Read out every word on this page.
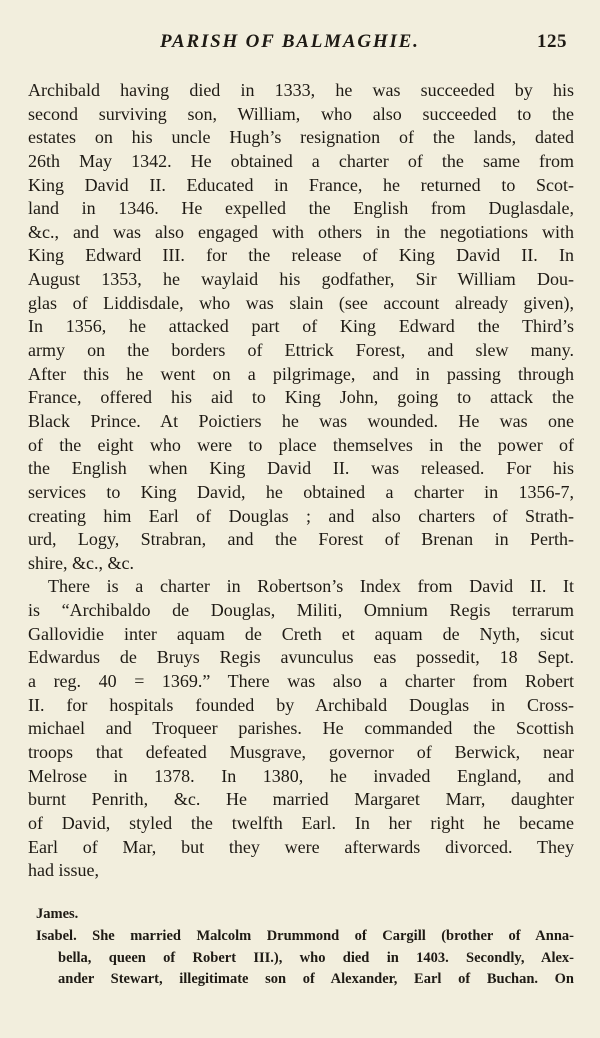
PARISH OF BALMAGHIE.	125
Archibald having died in 1333, he was succeeded by his
second surviving son, William, who also succeeded to the
estates on his uncle Hugh’s resignation of the lands, dated
26th May 1342. He obtained a charter of the same from
King David II. Educated in France, he returned to Scot-
land in 1346. He expelled the English from Duglasdale,
&c., and was also engaged with others in the negotiations with
King Edward III. for the release of King David II. In
August 1353, he waylaid his godfather, Sir William Dou-
glas of Liddisdale, who was slain (see account already given),
In 1356, he attacked part of King Edward the Third’s
army on the borders of Ettrick Forest, and slew many.
After this he went on a pilgrimage, and in passing through
France, offered his aid to King John, going to attack the
Black Prince. At Poictiers he was wounded. He was one
of the eight who were to place themselves in the power of
the English when King David II. was released. For his
services to King David, he obtained a charter in 1356-7,
creating him Earl of Douglas ; and also charters of Strath-
urd, Logy, Strabran, and the Forest of Brenan in Perth-
shire, &c., &c.
There is a charter in Robertson’s Index from David II. It
is “Archibaldo de Douglas, Militi, Omnium Regis terrarum
Gallovidie inter aquam de Creth et aquam de Nyth, sicut
Edwardus de Bruys Regis avunculus eas possedit, 18 Sept.
a reg. 40 = 1369.” There was also a charter from Robert
II. for hospitals founded by Archibald Douglas in Cross-
michael and Troqueer parishes. He commanded the Scottish
troops that defeated Musgrave, governor of Berwick, near
Melrose in 1378. In 1380, he invaded England, and
burnt Penrith, &c. He married Margaret Marr, daughter
of David, styled the twelfth Earl. In her right he became
Earl of Mar, but they were afterwards divorced. They
had issue,
James.
Isabel. She married Malcolm Drummond of Cargill (brother of Anna-
bella, queen of Robert III.), who died in 1403. Secondly, Alex-
ander Stewart, illegitimate son of Alexander, Earl of Buchan. On
